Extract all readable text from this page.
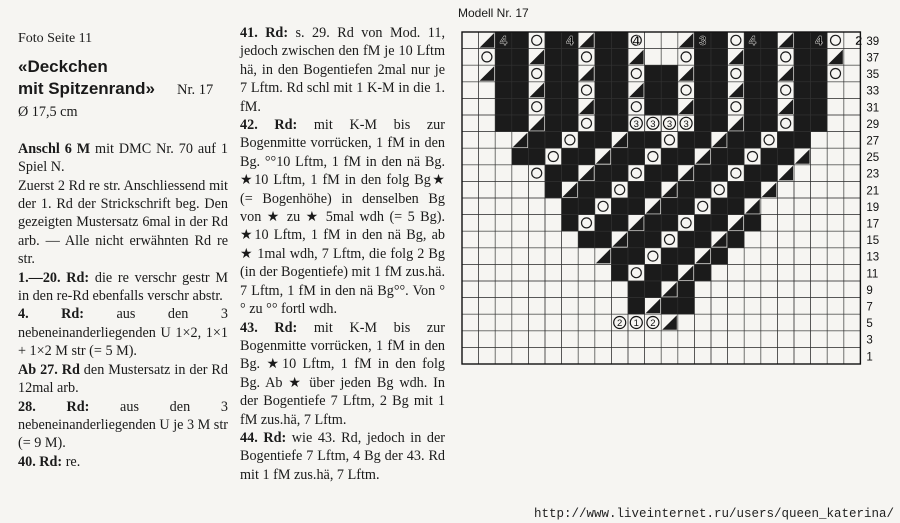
Foto Seite 11
«Deckchen
mit Spitzenrand» Nr. 17
Ø 17,5 cm

Anschl 6 M mit DMC Nr. 70 auf 1 Spiel N.

Zuerst 2 Rd re str. Anschliessend mit der 1. Rd der Strickschrift beg. Den gezeigten Mustersatz 6mal in der Rd arb. — Alle nicht erwähnten Rd re str.

1.—20. Rd: die re verschr gestr M in den re-Rd ebenfalls verschr abstr.

4. Rd: aus den 3 nebeneinanderliegenden U 1×2, 1×1 + 1×2 M str (= 5 M).

Ab 27. Rd den Mustersatz in der Rd 12mal arb.

28. Rd: aus den 3 nebeneinanderliegenden U je 3 M str (= 9 M).

40. Rd: re.

41. Rd: s. 29. Rd von Mod. 11, jedoch zwischen den fM je 10 Lftm hä, in den Bogentiefen 2mal nur je 7 Lftm. Rd schl mit 1 K-M in die 1. fM.

42. Rd: mit K-M bis zur Bogenmitte vorrücken, 1 fM in den Bg. °°10 Lftm, 1 fM in den nä Bg. ★10 Lftm, 1 fM in den folg Bg★ (= Bogenhöhe) in denselben Bg von ★ zu ★ 5mal wdh (= 5 Bg). ★10 Lftm, 1 fM in den nä Bg, ab ★ 1mal wdh, 7 Lftm, die folg 2 Bg (in der Bogentiefe) mit 1 fM zus.hä. 7 Lftm, 1 fM in den nä Bg°°. Von °° zu °° fortl wdh.

43. Rd: mit K-M bis zur Bogenmitte vorrücken, 1 fM in den Bg. ★10 Lftm, 1 fM in den folg Bg. Ab ★ über jeden Bg wdh. In der Bogentiefe 7 Lftm, 2 Bg mit 1 fM zus.hä, 7 Lftm.

44. Rd: wie 43. Rd, jedoch in der Bogentiefe 7 Lftm, 4 Bg der 43. Rd mit 1 fM zus.hä, 7 Lftm.

Modell Nr. 17
4	4	4	3	4	4	2 39
37
35
33
31
29
27
25
23
21
19
17
15
13
11
9
7
5
3
1
3 3 3 3
2 1 2
http://www.liveinternet.ru/users/queen_katerina/
